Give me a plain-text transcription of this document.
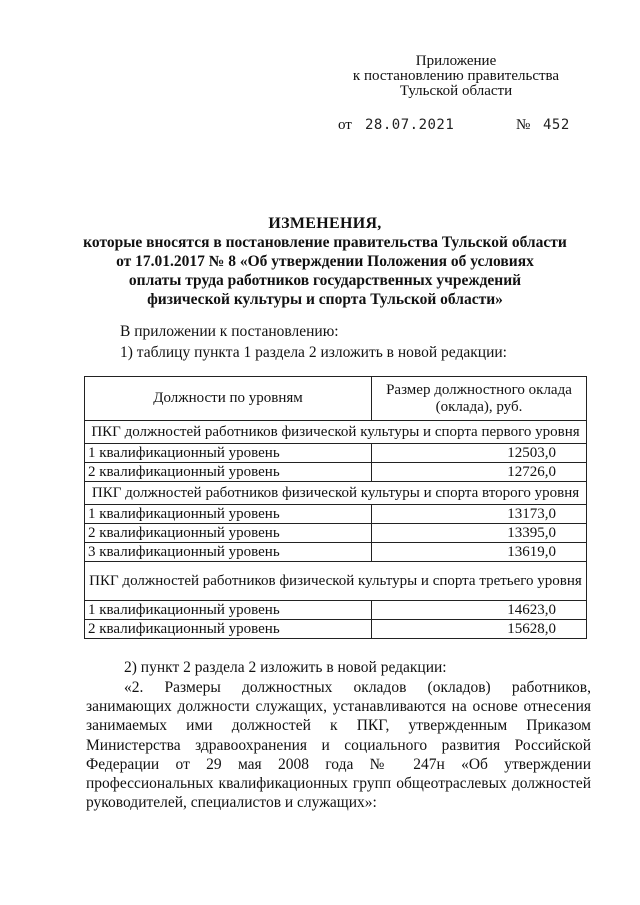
Приложение
к постановлению правительства
Тульской области
от 28.07.2021	№ 452
ИЗМЕНЕНИЯ,
которые вносятся в постановление правительства Тульской области
от 17.01.2017 № 8 «Об утверждении Положения об условиях
оплаты труда работников государственных учреждений
физической культуры и спорта Тульской области»
В приложении к постановлению:
1) таблицу пункта 1 раздела 2 изложить в новой редакции:
Должности по уровням	Размер должностного оклада (оклада), руб.
ПКГ должностей работников физической культуры и спорта первого уровня	
1 квалификационный уровень	12503,0
2 квалификационный уровень	12726,0
ПКГ должностей работников физической культуры и спорта второго уровня	
1 квалификационный уровень	13173,0
2 квалификационный уровень	13395,0
3 квалификационный уровень	13619,0
ПКГ должностей работников физической культуры и спорта третьего уровня	
1 квалификационный уровень	14623,0
2 квалификационный уровень	15628,0
2) пункт 2 раздела 2 изложить в новой редакции:
«2. Размеры должностных окладов (окладов) работников, занимающих должности служащих, устанавливаются на основе отнесения занимаемых ими должностей к ПКГ, утвержденным Приказом Министерства здравоохранения и социального развития Российской Федерации от 29 мая 2008 года № 247н «Об утверждении профессиональных квалификационных групп общеотраслевых должностей руководителей, специалистов и служащих»:
